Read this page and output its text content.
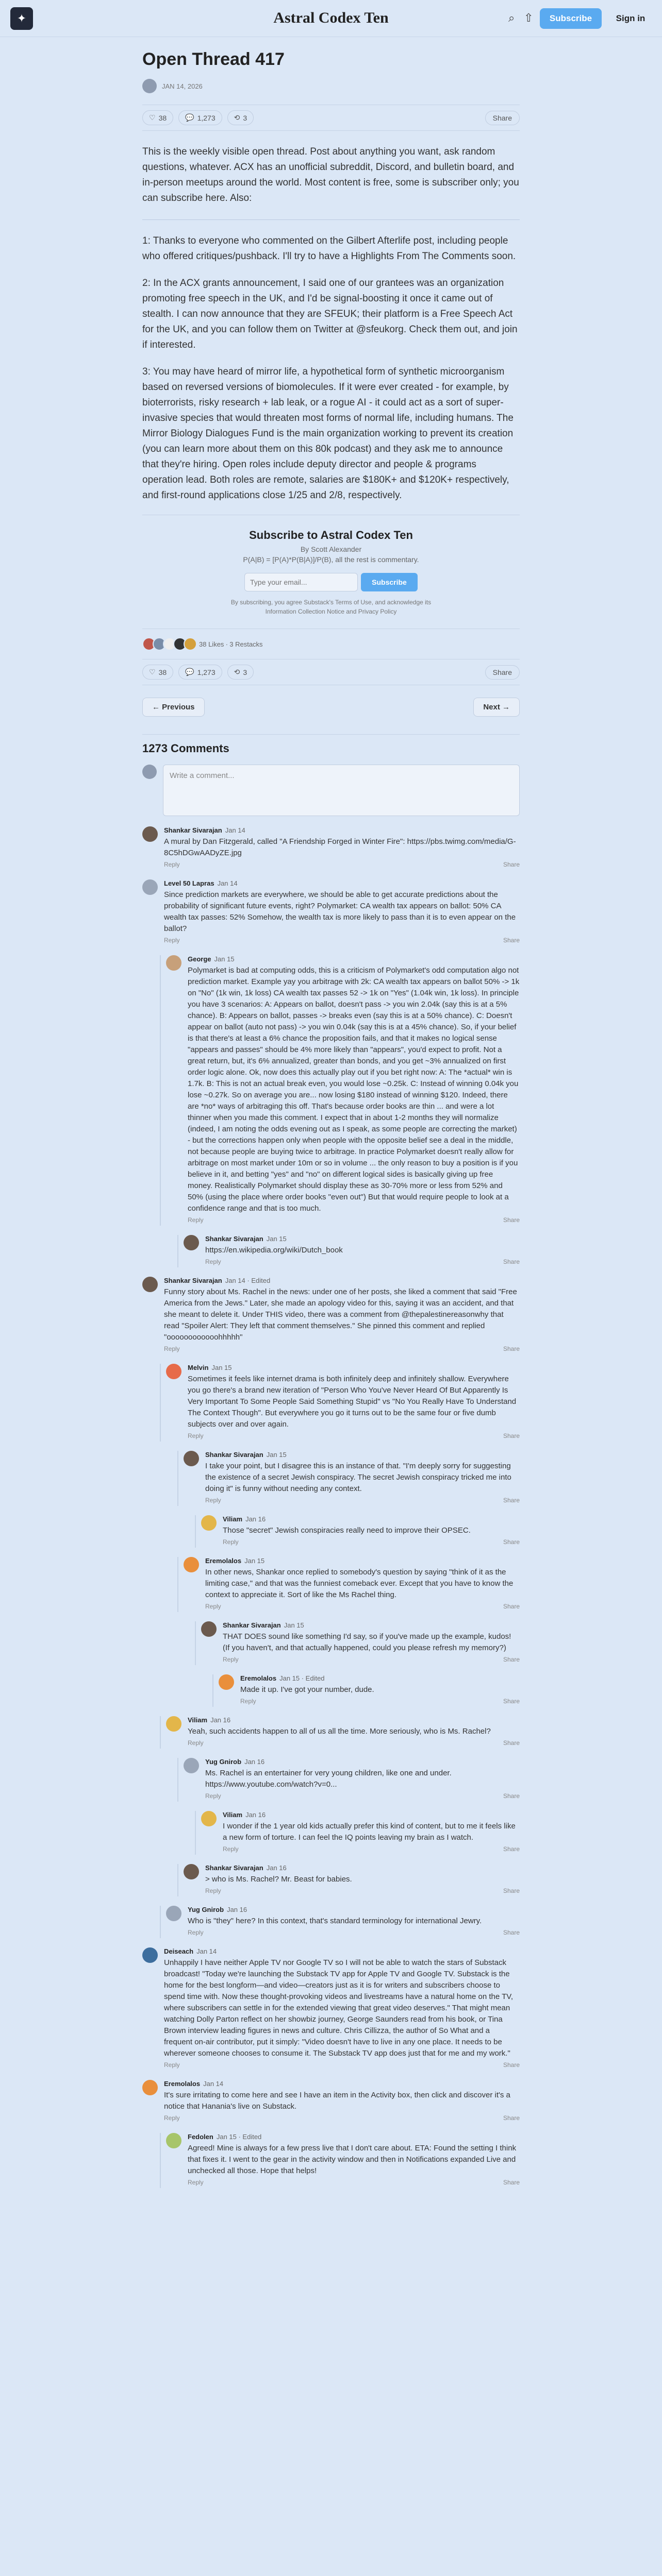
✦	Astral Codex Ten	⌕ ⇧	Subscribe	Sign in
Open Thread 417
JAN 14, 2026
♡ 38	💬 1,273	⟲ 3	Share

This is the weekly visible open thread. Post about anything you want, ask random questions, whatever. ACX has an unofficial subreddit, Discord, and bulletin board, and in-person meetups around the world. Most content is free, some is subscriber only; you can subscribe here. Also:

1: Thanks to everyone who commented on the Gilbert Afterlife post, including people who offered critiques/pushback. I'll try to have a Highlights From The Comments soon.

2: In the ACX grants announcement, I said one of our grantees was an organization promoting free speech in the UK, and I'd be signal-boosting it once it came out of stealth. I can now announce that they are SFEUK; their platform is a Free Speech Act for the UK, and you can follow them on Twitter at @sfeukorg. Check them out, and join if interested.

3: You may have heard of mirror life, a hypothetical form of synthetic microorganism based on reversed versions of biomolecules. If it were ever created - for example, by bioterrorists, risky research + lab leak, or a rogue AI - it could act as a sort of super-invasive species that would threaten most forms of normal life, including humans. The Mirror Biology Dialogues Fund is the main organization working to prevent its creation (you can learn more about them on this 80k podcast) and they ask me to announce that they're hiring. Open roles include deputy director and people & programs operation lead. Both roles are remote, salaries are $180K+ and $120K+ respectively, and first-round applications close 1/25 and 2/8, respectively.

Subscribe to Astral Codex Ten
By Scott Alexander
P(A|B) = [P(A)*P(B|A)]/P(B), all the rest is commentary.
Type your email...
Subscribe
By subscribing, you agree Substack's Terms of Use, and acknowledge its Information Collection Notice and Privacy Policy
38 Likes ∙ 3 Restacks
♡ 38	💬 1,273	⟲ 3	Share
← Previous	Next →
1273 Comments
Write a comment...
Shankar Sivarajan Jan 14
A mural by Dan Fitzgerald, called "A Friendship Forged in Winter Fire": https://pbs.twimg.com/media/G-8C5hDGwAADyZE.jpg
Reply	Share
Level 50 Lapras Jan 14
Since prediction markets are everywhere, we should be able to get accurate predictions about the probability of significant future events, right? Polymarket: CA wealth tax appears on ballot: 50% CA wealth tax passes: 52% Somehow, the wealth tax is more likely to pass than it is to even appear on the ballot?
Reply	Share
George Jan 15
Polymarket is bad at computing odds, this is a criticism of Polymarket's odd computation algo not prediction market. Example yay you arbitrage with 2k: CA wealth tax appears on ballot 50% -> 1k on "No" (1k win, 1k loss) CA wealth tax passes 52 -> 1k on "Yes" (1.04k win, 1k loss). In principle you have 3 scenarios: A: Appears on ballot, doesn't pass -> you win 2.04k (say this is at a 5% chance). B: Appears on ballot, passes -> breaks even (say this is at a 50% chance). C: Doesn't appear on ballot (auto not pass) -> you win 0.04k (say this is at a 45% chance). So, if your belief is that there's at least a 6% chance the proposition fails, and that it makes no logical sense "appears and passes" should be 4% more likely than "appears", you'd expect to profit. Not a great return, but, it's 6% annualized, greater than bonds, and you get ~3% annualized on first order logic alone. Ok, now does this actually play out if you bet right now: A: The *actual* win is 1.7k. B: This is not an actual break even, you would lose ~0.25k. C: Instead of winning 0.04k you lose ~0.27k. So on average you are... now losing $180 instead of winning $120. Indeed, there are *no* ways of arbitraging this off. That's because order books are thin ... and were a lot thinner when you made this comment. I expect that in about 1-2 months they will normalize (indeed, I am noting the odds evening out as I speak, as some people are correcting the market) - but the corrections happen only when people with the opposite belief see a deal in the middle, not because people are buying twice to arbitrage. In practice Polymarket doesn't really allow for arbitrage on most market under 10m or so in volume ... the only reason to buy a position is if you believe in it, and betting "yes" and "no" on different logical sides is basically giving up free money. Realistically Polymarket should display these as 30-70% more or less from 52% and 50% (using the place where order books "even out") But that would require people to look at a confidence range and that is too much.
Reply	Share
Shankar Sivarajan Jan 15
https://en.wikipedia.org/wiki/Dutch_book
Reply	Share
Shankar Sivarajan Jan 14 · Edited
Funny story about Ms. Rachel in the news: under one of her posts, she liked a comment that said "Free America from the Jews." Later, she made an apology video for this, saying it was an accident, and that she meant to delete it. Under THIS video, there was a comment from @thepalestinereasonwhy that read "Spoiler Alert: They left that comment themselves." She pinned this comment and replied "oooooooooooohhhhh"
Reply	Share
Melvin Jan 15
Sometimes it feels like internet drama is both infinitely deep and infinitely shallow. Everywhere you go there's a brand new iteration of "Person Who You've Never Heard Of But Apparently Is Very Important To Some People Said Something Stupid" vs "No You Really Have To Understand The Context Though". But everywhere you go it turns out to be the same four or five dumb subjects over and over again.
Reply	Share
Shankar Sivarajan Jan 15
I take your point, but I disagree this is an instance of that. "I'm deeply sorry for suggesting the existence of a secret Jewish conspiracy. The secret Jewish conspiracy tricked me into doing it" is funny without needing any context.
Reply	Share
Viliam Jan 16
Those "secret" Jewish conspiracies really need to improve their OPSEC.
Reply	Share
Eremolalos Jan 15
In other news, Shankar once replied to somebody's question by saying "think of it as the limiting case," and that was the funniest comeback ever. Except that you have to know the context to appreciate it. Sort of like the Ms Rachel thing.
Reply	Share
Shankar Sivarajan Jan 15
THAT DOES sound like something I'd say, so if you've made up the example, kudos! (If you haven't, and that actually happened, could you please refresh my memory?)
Reply	Share
Eremolalos Jan 15 · Edited
Made it up. I've got your number, dude.
Reply	Share
Viliam Jan 16
Yeah, such accidents happen to all of us all the time. More seriously, who is Ms. Rachel?
Reply	Share
Yug Gnirob Jan 16
Ms. Rachel is an entertainer for very young children, like one and under. https://www.youtube.com/watch?v=0...
Reply	Share
Viliam Jan 16
I wonder if the 1 year old kids actually prefer this kind of content, but to me it feels like a new form of torture. I can feel the IQ points leaving my brain as I watch.
Reply	Share
Shankar Sivarajan Jan 16
> who is Ms. Rachel? Mr. Beast for babies.
Reply	Share
Yug Gnirob Jan 16
Who is "they" here? In this context, that's standard terminology for international Jewry.
Reply	Share
Deiseach Jan 14
Unhappily I have neither Apple TV nor Google TV so I will not be able to watch the stars of Substack broadcast! "Today we're launching the Substack TV app for Apple TV and Google TV. Substack is the home for the best longform—and video—creators just as it is for writers and subscribers choose to spend time with. Now these thought-provoking videos and livestreams have a natural home on the TV, where subscribers can settle in for the extended viewing that great video deserves." That might mean watching Dolly Parton reflect on her showbiz journey, George Saunders read from his book, or Tina Brown interview leading figures in news and culture. Chris Cillizza, the author of So What and a frequent on-air contributor, put it simply: "Video doesn't have to live in any one place. It needs to be wherever someone chooses to consume it. The Substack TV app does just that for me and my work."
Reply	Share
Eremolalos Jan 14
It's sure irritating to come here and see I have an item in the Activity box, then click and discover it's a notice that Hanania's live on Substack.
Reply	Share
Fedolen Jan 15 · Edited
Agreed! Mine is always for a few press live that I don't care about. ETA: Found the setting I think that fixes it. I went to the gear in the activity window and then in Notifications expanded Live and unchecked all those. Hope that helps!
Reply	Share
